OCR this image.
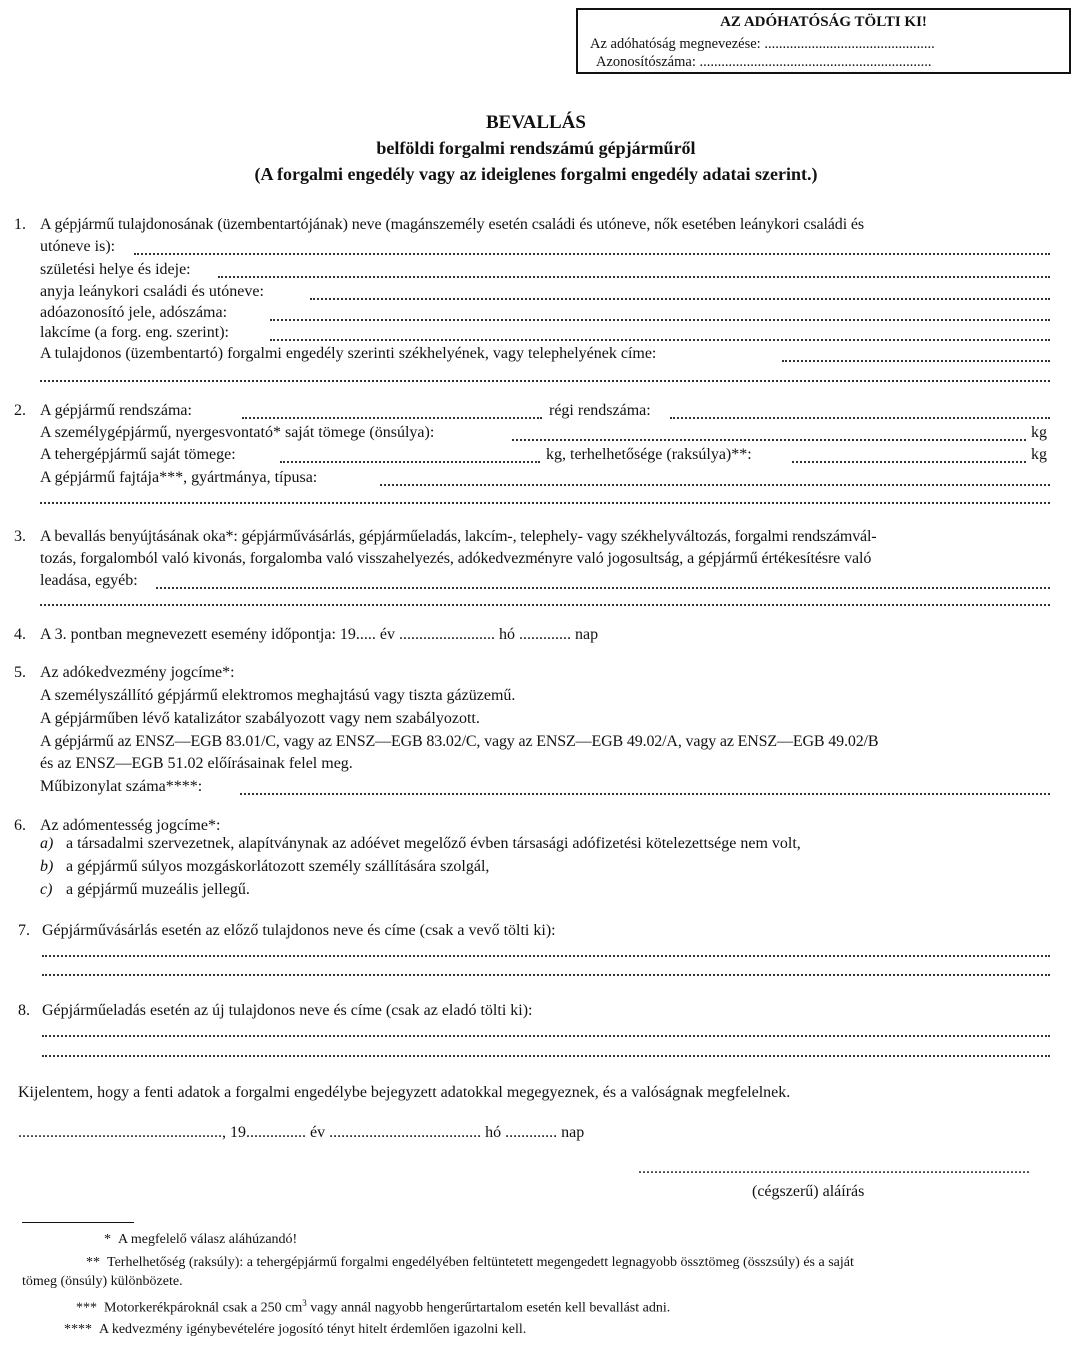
AZ ADÓHATÓSÁG TÖLTI KI!
Az adóhatóság megnevezése: ...............................................
Azonosítószáma: ................................................................
BEVALLÁS
belföldi forgalmi rendszámú gépjárműről
(A forgalmi engedély vagy az ideiglenes forgalmi engedély adatai szerint.)
1. A gépjármű tulajdonosának (üzembentartójának) neve (magánszemély esetén családi és utóneve, nők esetében leánykori családi és
utóneve is):
születési helye és ideje:
anyja leánykori családi és utóneve:
adóazonosító jele, adószáma:
lakcíme (a forg. eng. szerint):
A tulajdonos (üzembentartó) forgalmi engedély szerinti székhelyének, vagy telephelyének címe:
2. A gépjármű rendszáma:	régi rendszáma:
A személygépjármű, nyergesvontató* saját tömege (önsúlya):	kg
A tehergépjármű saját tömege:	kg, terhelhetősége (raksúlya)**:	kg
A gépjármű fajtája***, gyártmánya, típusa:
3. A bevallás benyújtásának oka*: gépjárművásárlás, gépjárműeladás, lakcím-, telephely- vagy székhelyváltozás, forgalmi rendszámvál-
tozás, forgalomból való kivonás, forgalomba való visszahelyezés, adókedvezményre való jogosultság, a gépjármű értékesítésre való
leadása, egyéb:
4. A 3. pontban megnevezett esemény időpontja: 19..... év ........................ hó ............. nap
5. Az adókedvezmény jogcíme*:
A személyszállító gépjármű elektromos meghajtású vagy tiszta gázüzemű.
A gépjárműben lévő katalizátor szabályozott vagy nem szabályozott.
A gépjármű az ENSZ—EGB 83.01/C, vagy az ENSZ—EGB 83.02/C, vagy az ENSZ—EGB 49.02/A, vagy az ENSZ—EGB 49.02/B
és az ENSZ—EGB 51.02 előírásainak felel meg.
Műbizonylat száma****:
6. Az adómentesség jogcíme*:
a) a társadalmi szervezetnek, alapítványnak az adóévet megelőző évben társasági adófizetési kötelezettsége nem volt,
b) a gépjármű súlyos mozgáskorlátozott személy szállítására szolgál,
c) a gépjármű muzeális jellegű.
7. Gépjárművásárlás esetén az előző tulajdonos neve és címe (csak a vevő tölti ki):
8. Gépjárműeladás esetén az új tulajdonos neve és címe (csak az eladó tölti ki):
Kijelentem, hogy a fenti adatok a forgalmi engedélybe bejegyzett adatokkal megegyeznek, és a valóságnak megfelelnek.
..................................................., 19............... év ...................................... hó ............. nap
..................................................................................................
(cégszerű) aláírás
* A megfelelő válasz aláhúzandó!
** Terhelhetőség (raksúly): a tehergépjármű forgalmi engedélyében feltüntetett megengedett legnagyobb össztömeg (összsúly) és a saját
tömeg (önsúly) különbözete.
*** Motorkerékpároknál csak a 250 $cm^3$ vagy annál nagyobb hengerűrtartalom esetén kell bevallást adni.
**** A kedvezmény igénybevételére jogosító tényt hitelt érdemlően igazolni kell.
